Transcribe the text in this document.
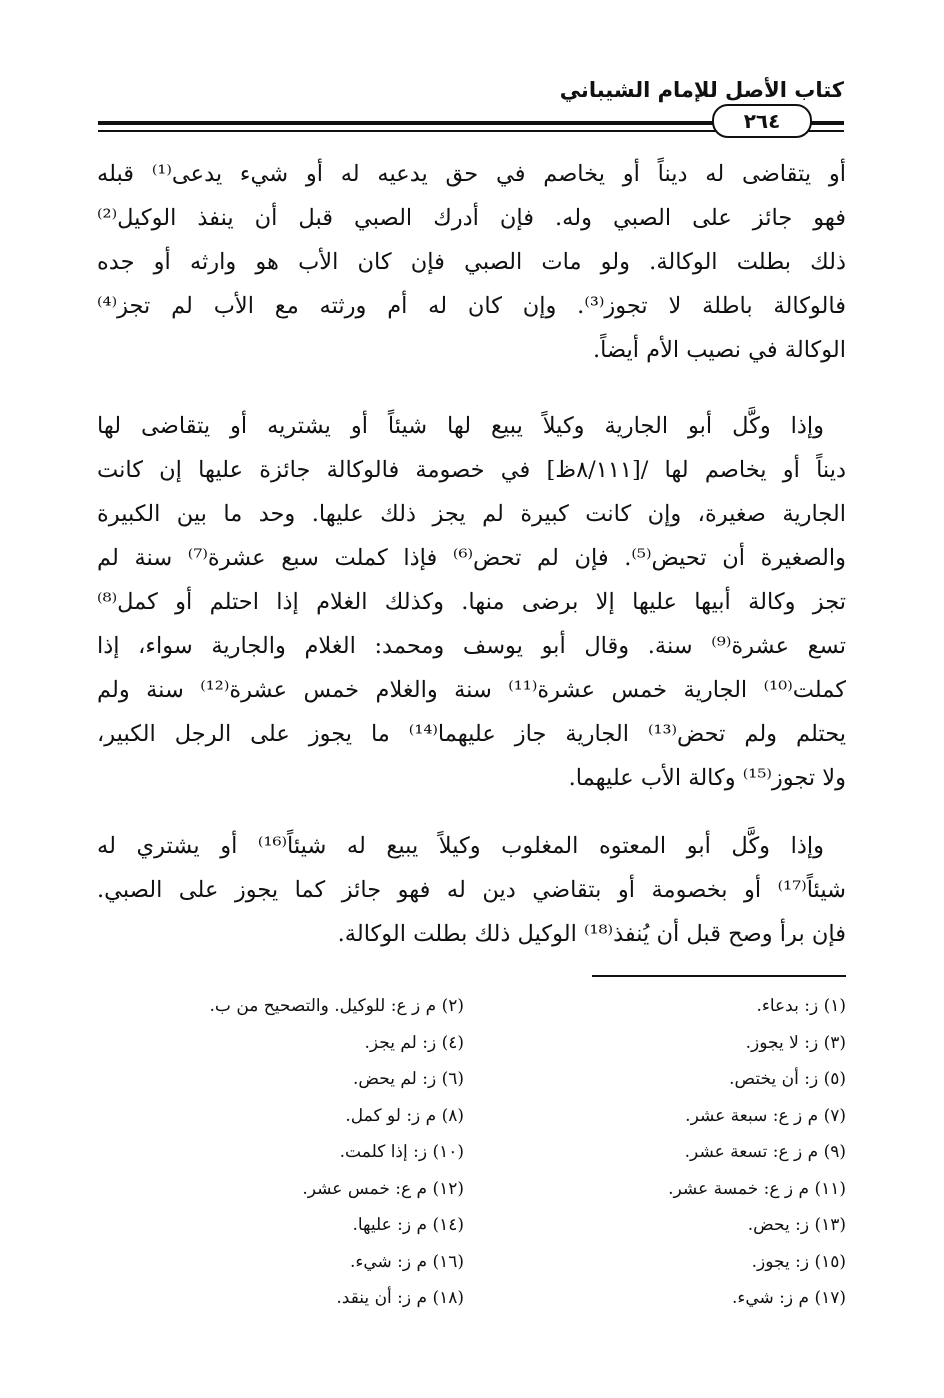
كتاب الأصل للإمام الشيباني
٢٦٤
أو يتقاضى له ديناً أو يخاصم في حق يدعيه له أو شيء يدعى⁽¹⁾ قبله
فهو جائز على الصبي وله. فإن أدرك الصبي قبل أن ينفذ الوكيل⁽²⁾
ذلك بطلت الوكالة. ولو مات الصبي فإن كان الأب هو وارثه أو جده
فالوكالة باطلة لا تجوز⁽³⁾. وإن كان له أم ورثته مع الأب لم تجز⁽⁴⁾
الوكالة في نصيب الأم أيضاً.
وإذا وكَّل أبو الجارية وكيلاً يبيع لها شيئاً أو يشتريه أو يتقاضى لها
ديناً أو يخاصم لها /[٨/١١١ظ] في خصومة فالوكالة جائزة عليها إن كانت
الجارية صغيرة، وإن كانت كبيرة لم يجز ذلك عليها. وحد ما بين الكبيرة
والصغيرة أن تحيض⁽⁵⁾. فإن لم تحض⁽⁶⁾ فإذا كملت سبع عشرة⁽⁷⁾ سنة لم
تجز وكالة أبيها عليها إلا برضى منها. وكذلك الغلام إذا احتلم أو كمل⁽⁸⁾
تسع عشرة⁽⁹⁾ سنة. وقال أبو يوسف ومحمد: الغلام والجارية سواء، إذا
كملت⁽¹⁰⁾ الجارية خمس عشرة⁽¹¹⁾ سنة والغلام خمس عشرة⁽¹²⁾ سنة ولم
يحتلم ولم تحض⁽¹³⁾ الجارية جاز عليهما⁽¹⁴⁾ ما يجوز على الرجل الكبير،
ولا تجوز⁽¹⁵⁾ وكالة الأب عليهما.
وإذا وكَّل أبو المعتوه المغلوب وكيلاً يبيع له شيئاً⁽¹⁶⁾ أو يشتري له
شيئاً⁽¹⁷⁾ أو بخصومة أو بتقاضي دين له فهو جائز كما يجوز على الصبي.
فإن برأ وصح قبل أن يُنفذ⁽¹⁸⁾ الوكيل ذلك بطلت الوكالة.
(١) ز: بدعاء.
(٣) ز: لا يجوز.
(٥) ز: أن يختص.
(٧) م ز ع: سبعة عشر.
(٩) م ز ع: تسعة عشر.
(١١) م ز ع: خمسة عشر.
(١٣) ز: يحض.
(١٥) ز: يجوز.
(١٧) م ز: شيء.
(٢) م ز ع: للوكيل. والتصحيح من ب.
(٤) ز: لم يجز.
(٦) ز: لم يحض.
(٨) م ز: لو كمل.
(١٠) ز: إذا كلمت.
(١٢) م ع: خمس عشر.
(١٤) م ز: عليها.
(١٦) م ز: شيء.
(١٨) م ز: أن ينقد.
